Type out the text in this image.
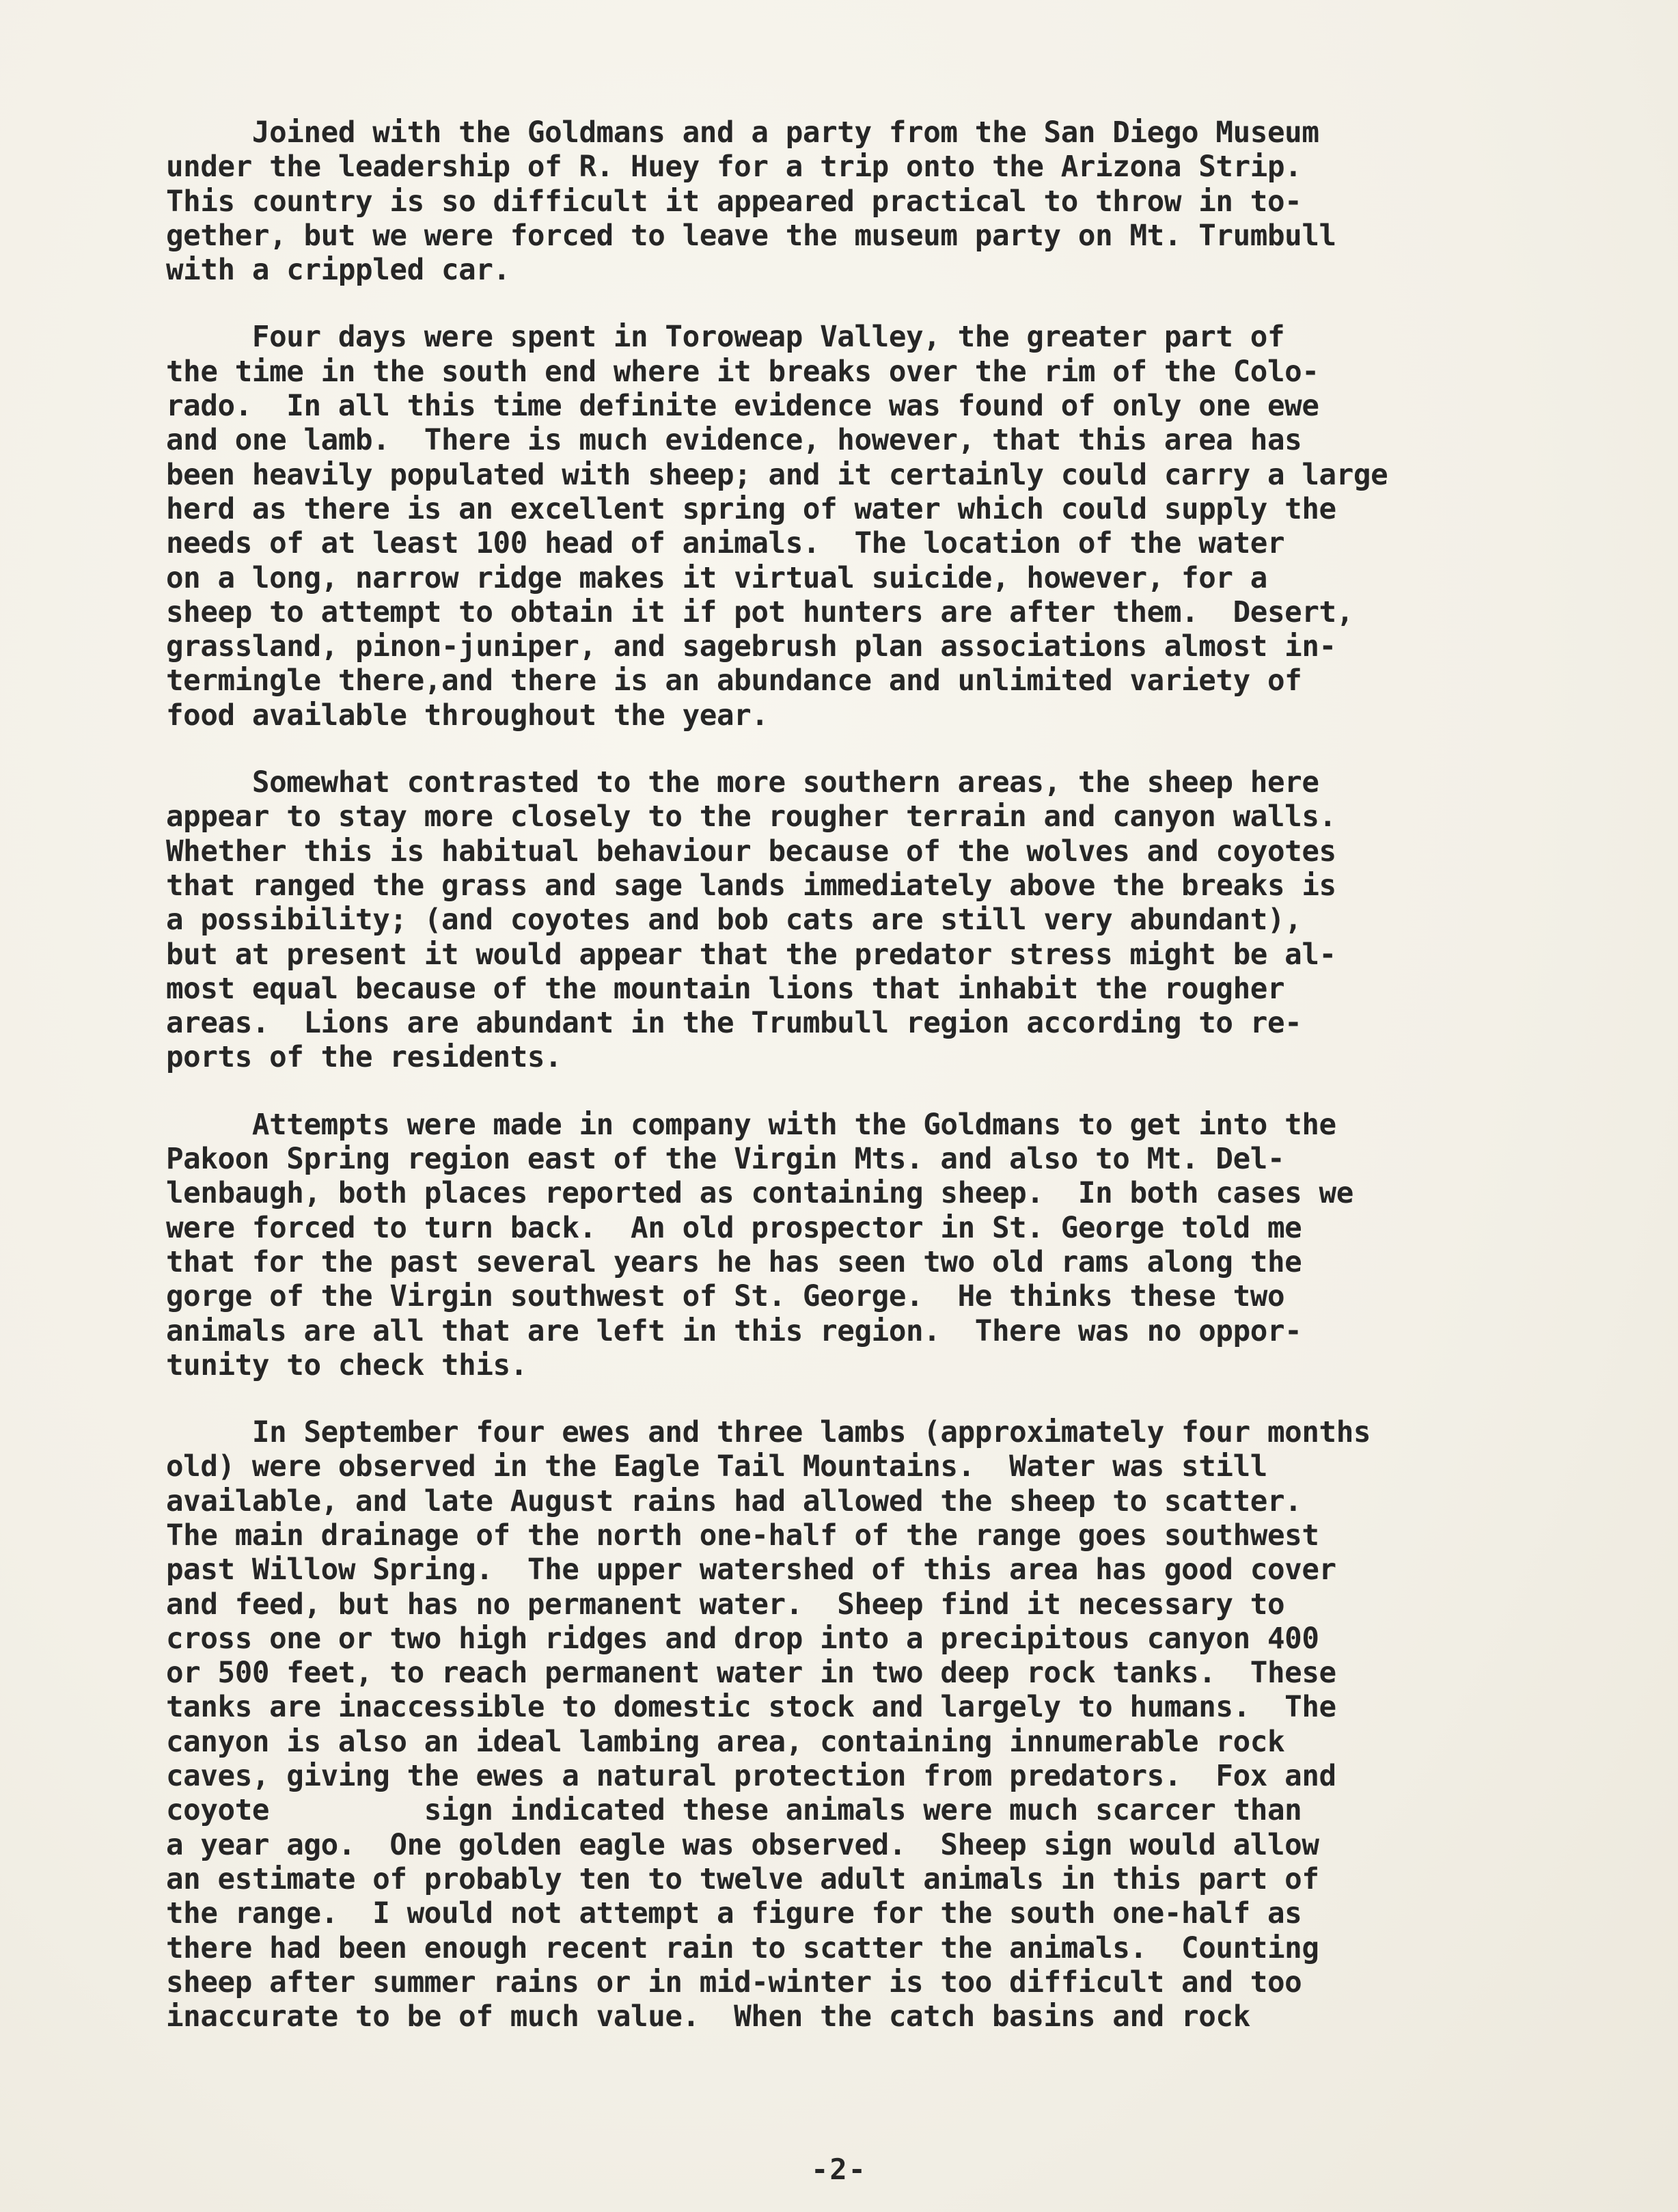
Joined with the Goldmans and a party from the San Diego Museum
under the leadership of R. Huey for a trip onto the Arizona Strip.
This country is so difficult it appeared practical to throw in to-
gether, but we were forced to leave the museum party on Mt. Trumbull
with a crippled car.
Four days were spent in Toroweap Valley, the greater part of
the time in the south end where it breaks over the rim of the Colo-
rado.  In all this time definite evidence was found of only one ewe
and one lamb.  There is much evidence, however, that this area has
been heavily populated with sheep; and it certainly could carry a large
herd as there is an excellent spring of water which could supply the
needs of at least 100 head of animals.  The location of the water
on a long, narrow ridge makes it virtual suicide, however, for a
sheep to attempt to obtain it if pot hunters are after them.  Desert,
grassland, pinon-juniper, and sagebrush plan associations almost in-
termingle there,and there is an abundance and unlimited variety of
food available throughout the year.
Somewhat contrasted to the more southern areas, the sheep here
appear to stay more closely to the rougher terrain and canyon walls.
Whether this is habitual behaviour because of the wolves and coyotes
that ranged the grass and sage lands immediately above the breaks is
a possibility; (and coyotes and bob cats are still very abundant),
but at present it would appear that the predator stress might be al-
most equal because of the mountain lions that inhabit the rougher
areas.  Lions are abundant in the Trumbull region according to re-
ports of the residents.
Attempts were made in company with the Goldmans to get into the
Pakoon Spring region east of the Virgin Mts. and also to Mt. Del-
lenbaugh, both places reported as containing sheep.  In both cases we
were forced to turn back.  An old prospector in St. George told me
that for the past several years he has seen two old rams along the
gorge of the Virgin southwest of St. George.  He thinks these two
animals are all that are left in this region.  There was no oppor-
tunity to check this.
In September four ewes and three lambs (approximately four months
old) were observed in the Eagle Tail Mountains.  Water was still
available, and late August rains had allowed the sheep to scatter.
The main drainage of the north one-half of the range goes southwest
past Willow Spring.  The upper watershed of this area has good cover
and feed, but has no permanent water.  Sheep find it necessary to
cross one or two high ridges and drop into a precipitous canyon 400
or 500 feet, to reach permanent water in two deep rock tanks.  These
tanks are inaccessible to domestic stock and largely to humans.  The
canyon is also an ideal lambing area, containing innumerable rock
caves, giving the ewes a natural protection from predators.  Fox and
coyote         sign indicated these animals were much scarcer than
a year ago.  One golden eagle was observed.  Sheep sign would allow
an estimate of probably ten to twelve adult animals in this part of
the range.  I would not attempt a figure for the south one-half as
there had been enough recent rain to scatter the animals.  Counting
sheep after summer rains or in mid-winter is too difficult and too
inaccurate to be of much value.  When the catch basins and rock
-2-
